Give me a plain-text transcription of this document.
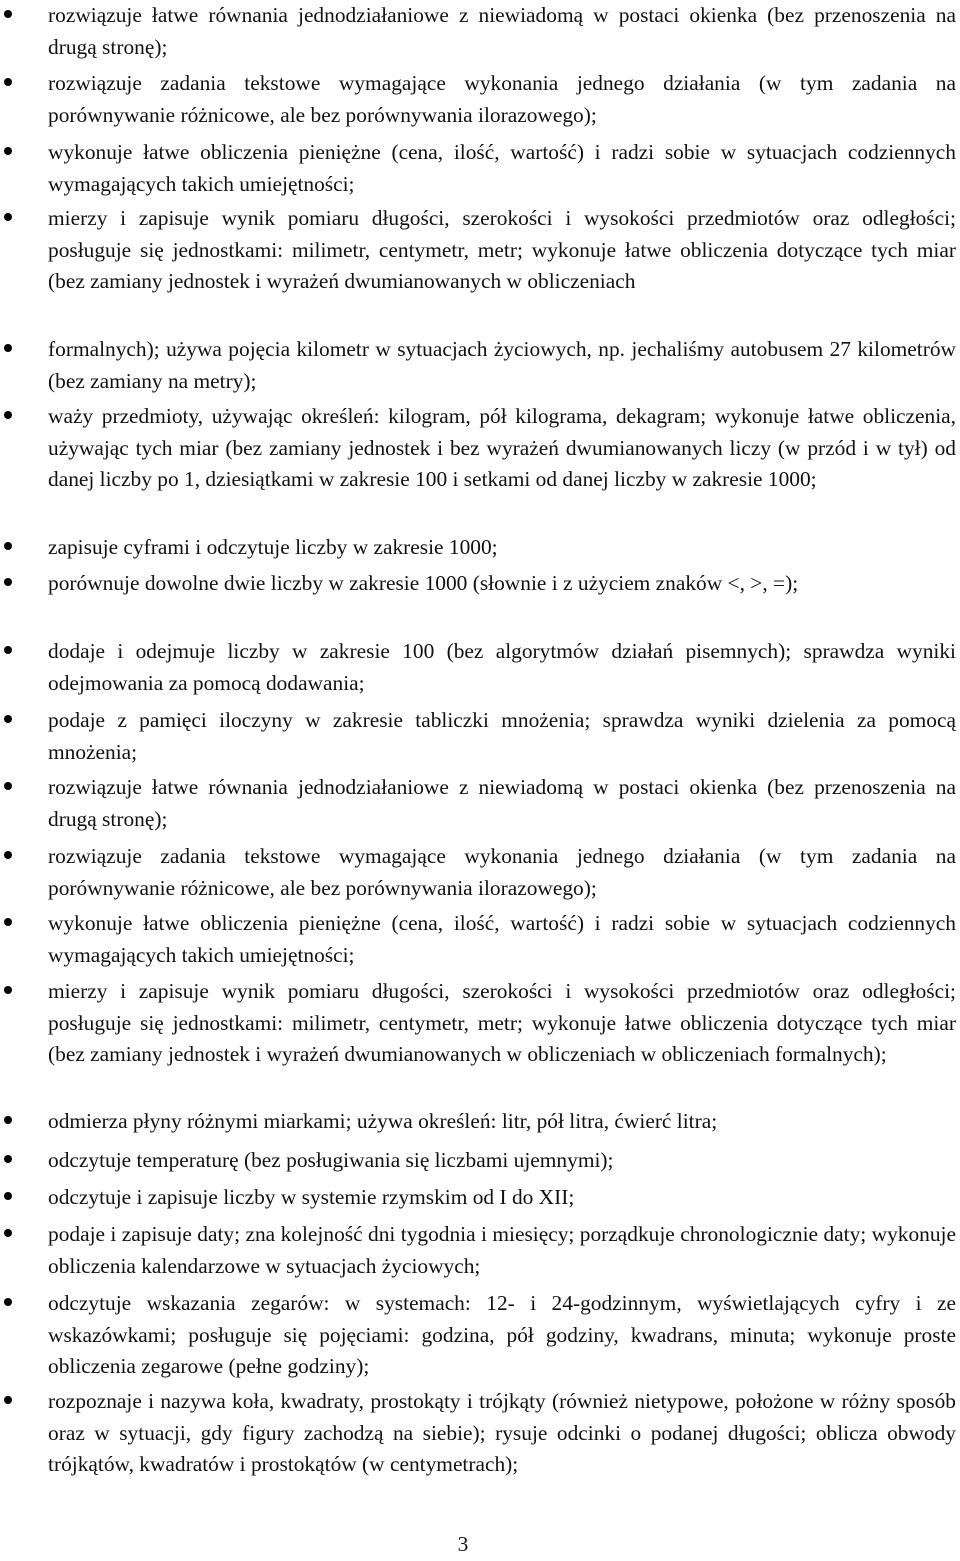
rozwiązuje łatwe równania jednodziałaniowe z niewiadomą w postaci okienka (bez przenoszenia na drugą stronę);
rozwiązuje zadania tekstowe wymagające wykonania jednego działania (w tym zadania na porównywanie różnicowe, ale bez porównywania ilorazowego);
wykonuje łatwe obliczenia pieniężne (cena, ilość, wartość) i radzi sobie w sytuacjach codziennych wymagających takich umiejętności;
mierzy i zapisuje wynik pomiaru długości, szerokości i wysokości przedmiotów oraz odległości; posługuje się jednostkami: milimetr, centymetr, metr; wykonuje łatwe obliczenia dotyczące tych miar (bez zamiany jednostek i wyrażeń dwumianowanych w obliczeniach
formalnych); używa pojęcia kilometr w sytuacjach życiowych, np. jechaliśmy autobusem 27 kilometrów (bez zamiany na metry);
waży przedmioty, używając określeń: kilogram, pół kilograma, dekagram; wykonuje łatwe obliczenia, używając tych miar (bez zamiany jednostek i bez wyrażeń dwumianowanych liczy (w przód i w tył) od danej liczby po 1, dziesiątkami w zakresie 100 i setkami od danej liczby w zakresie 1000;
zapisuje cyframi i odczytuje liczby w zakresie 1000;
porównuje dowolne dwie liczby w zakresie 1000 (słownie i z użyciem znaków <, >, =);
dodaje i odejmuje liczby w zakresie 100 (bez algorytmów działań pisemnych); sprawdza wyniki odejmowania za pomocą dodawania;
podaje z pamięci iloczyny w zakresie tabliczki mnożenia; sprawdza wyniki dzielenia za pomocą mnożenia;
rozwiązuje łatwe równania jednodziałaniowe z niewiadomą w postaci okienka (bez przenoszenia na drugą stronę);
rozwiązuje zadania tekstowe wymagające wykonania jednego działania (w tym zadania na porównywanie różnicowe, ale bez porównywania ilorazowego);
wykonuje łatwe obliczenia pieniężne (cena, ilość, wartość) i radzi sobie w sytuacjach codziennych wymagających takich umiejętności;
mierzy i zapisuje wynik pomiaru długości, szerokości i wysokości przedmiotów oraz odległości; posługuje się jednostkami: milimetr, centymetr, metr; wykonuje łatwe obliczenia dotyczące tych miar (bez zamiany jednostek i wyrażeń dwumianowanych w obliczeniach w obliczeniach formalnych);
odmierza płyny różnymi miarkami; używa określeń: litr, pół litra, ćwierć litra;
odczytuje temperaturę (bez posługiwania się liczbami ujemnymi);
odczytuje i zapisuje liczby w systemie rzymskim od I do XII;
podaje i zapisuje daty; zna kolejność dni tygodnia i miesięcy; porządkuje chronologicznie daty; wykonuje obliczenia kalendarzowe w sytuacjach życiowych;
odczytuje wskazania zegarów: w systemach: 12- i 24-godzinnym, wyświetlających cyfry i ze wskazówkami; posługuje się pojęciami: godzina, pół godziny, kwadrans, minuta; wykonuje proste obliczenia zegarowe (pełne godziny);
rozpoznaje i nazywa koła, kwadraty, prostokąty i trójkąty (również nietypowe, położone w różny sposób oraz w sytuacji, gdy figury zachodzą na siebie); rysuje odcinki o podanej długości; oblicza obwody trójkątów, kwadratów i prostokątów (w centymetrach);
3
